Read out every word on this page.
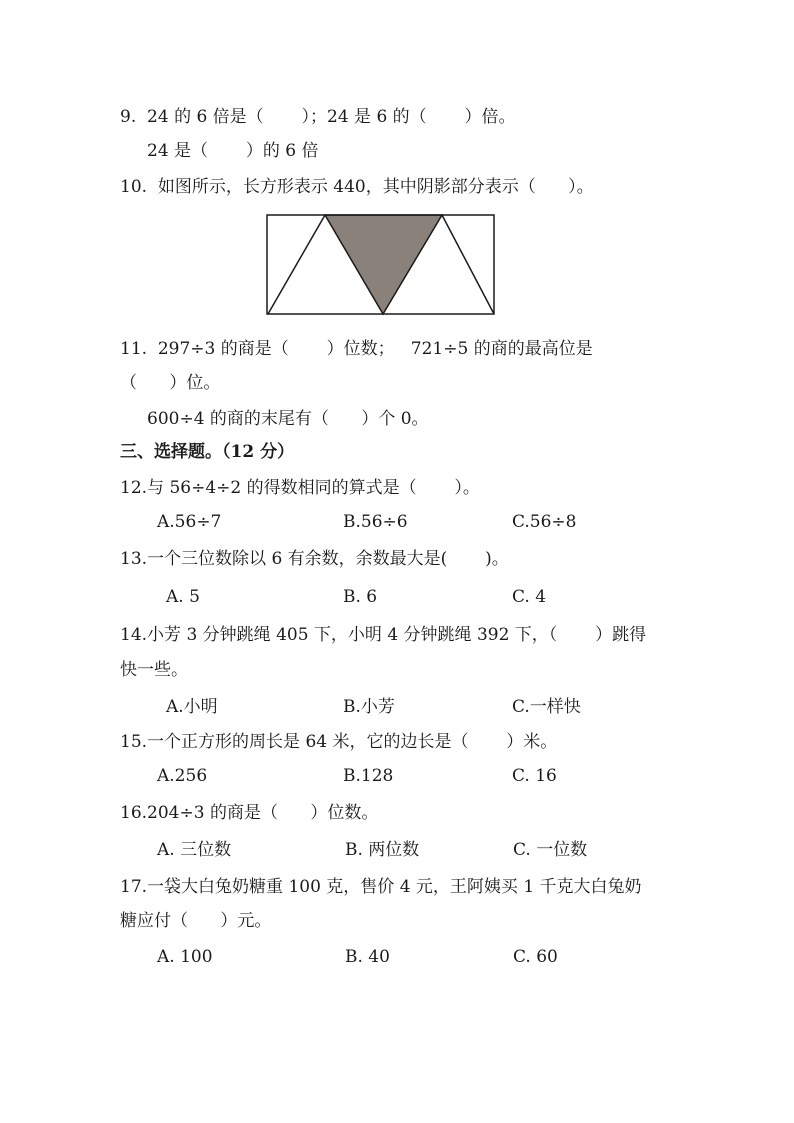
9.  24 的 6 倍是（       ）；24 是 6 的（       ）倍。
24 是（       ）的 6 倍
10.  如图所示，长方形表示 440，其中阴影部分表示（      ）。
11.  297÷3 的商是（       ）位数；   721÷5 的商的最高位是
（      ）位。
600÷4 的商的末尾有（      ）个 0。
三、选择题。（12 分）
12.与 56÷4÷2 的得数相同的算式是（       ）。
A.56÷7	B.56÷6	C.56÷8
13.一个三位数除以 6 有余数，余数最大是(       )。
A. 5	B. 6	C. 4
14.小芳 3 分钟跳绳 405 下，小明 4 分钟跳绳 392 下，（       ）跳得
快一些。
A.小明	B.小芳	C.一样快
15.一个正方形的周长是 64 米，它的边长是（       ）米。
A.256	B.128	C. 16
16.204÷3 的商是（      ）位数。
A. 三位数	B. 两位数	C. 一位数
17.一袋大白兔奶糖重 100 克，售价 4 元，王阿姨买 1 千克大白兔奶
糖应付（      ）元。
A. 100	B. 40	C. 60
